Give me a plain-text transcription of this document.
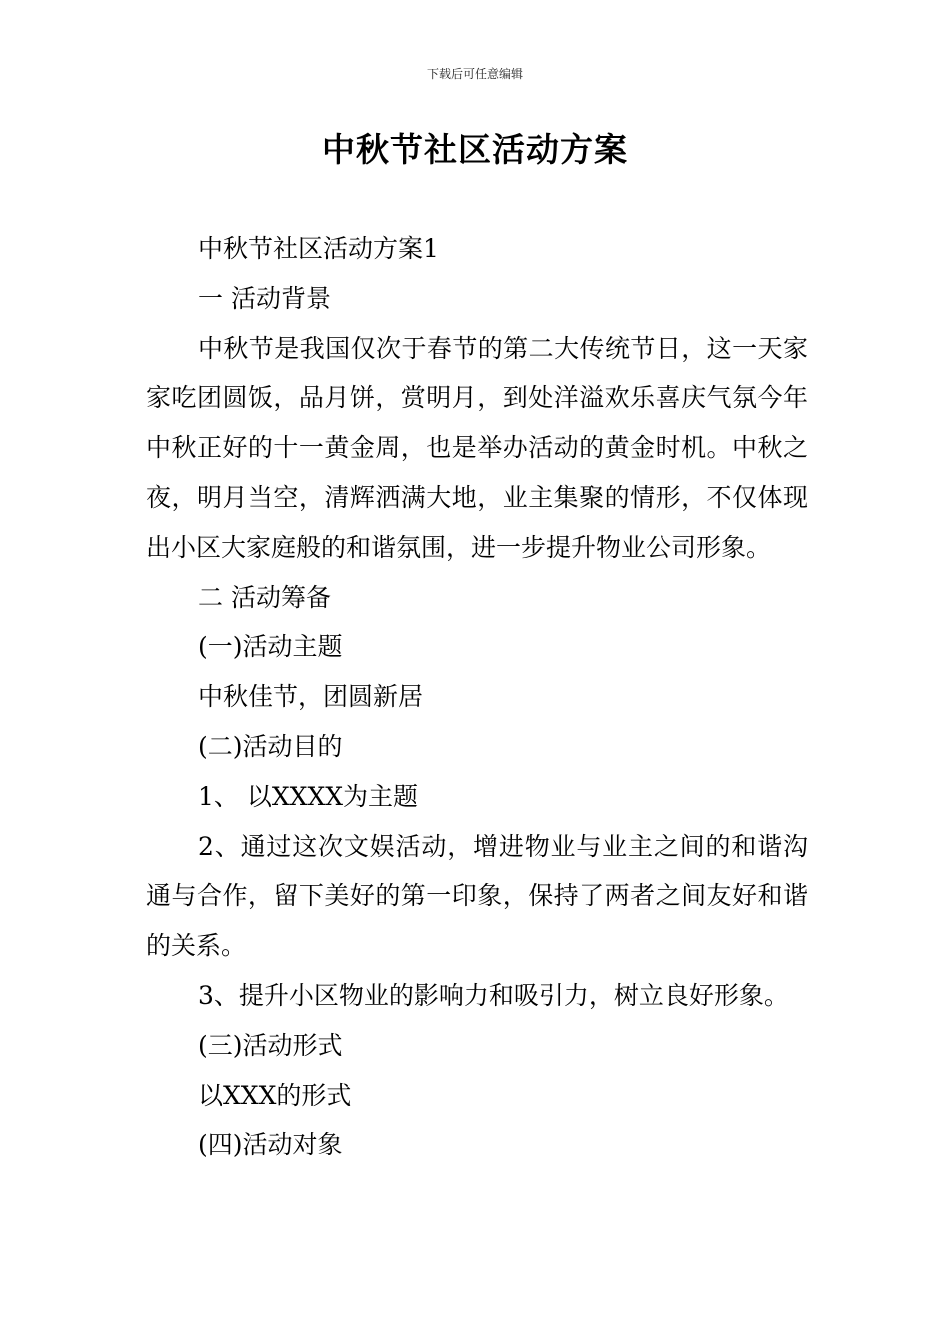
下载后可任意编辑
中秋节社区活动方案

中秋节社区活动方案1

一 活动背景

中秋节是我国仅次于春节的第二大传统节日，这一天家家吃团圆饭，品月饼，赏明月，到处洋溢欢乐喜庆气氛今年中秋正好的十一黄金周，也是举办活动的黄金时机。中秋之夜，明月当空，清辉洒满大地，业主集聚的情形，不仅体现出小区大家庭般的和谐氛围，进一步提升物业公司形象。

二 活动筹备

(一)活动主题

中秋佳节，团圆新居

(二)活动目的

1、 以XXXX为主题

2、通过这次文娱活动，增进物业与业主之间的和谐沟通与合作，留下美好的第一印象，保持了两者之间友好和谐的关系。

3、提升小区物业的影响力和吸引力，树立良好形象。

(三)活动形式

以XXX的形式

(四)活动对象
